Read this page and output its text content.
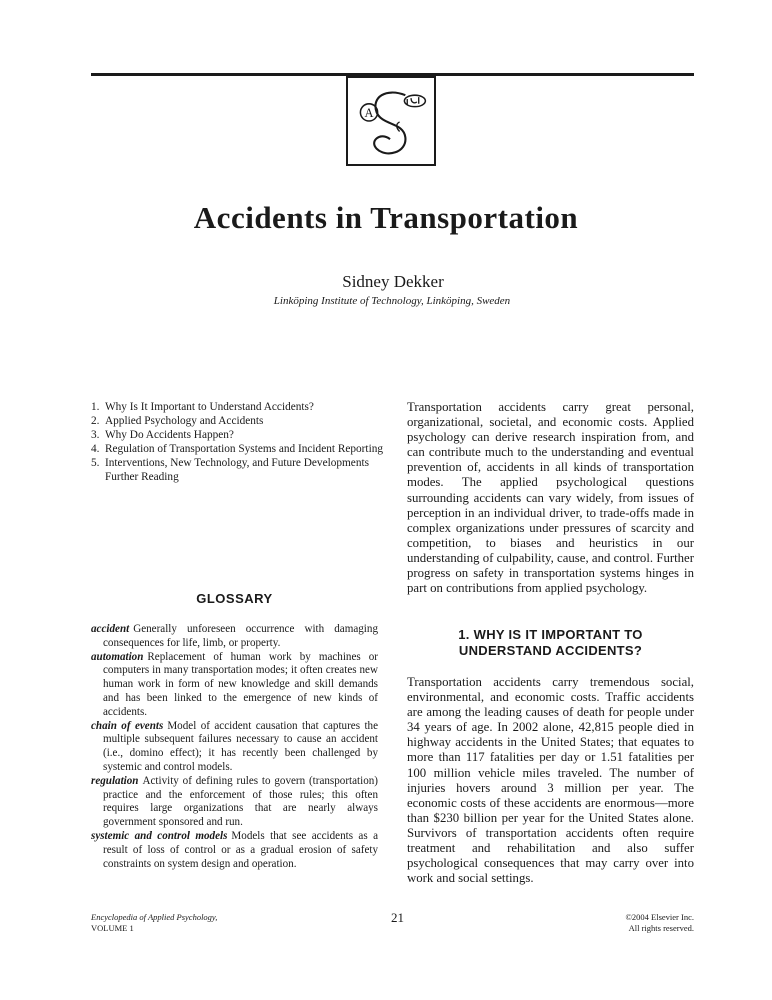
A
Accidents in Transportation

Sidney Dekker

Linköping Institute of Technology, Linköping, Sweden

1. Why Is It Important to Understand Accidents?
2. Applied Psychology and Accidents
3. Why Do Accidents Happen?
4. Regulation of Transportation Systems and Incident Reporting
5. Interventions, New Technology, and Future Developments
Further Reading
GLOSSARY

accident Generally unforeseen occurrence with damaging consequences for life, limb, or property.

automation Replacement of human work by machines or computers in many transportation modes; it often creates new human work in form of new knowledge and skill demands and has been linked to the emergence of new kinds of accidents.

chain of events Model of accident causation that captures the multiple subsequent failures necessary to cause an accident (i.e., domino effect); it has recently been challenged by systemic and control models.

regulation Activity of defining rules to govern (transportation) practice and the enforcement of those rules; this often requires large organizations that are nearly always government sponsored and run.

systemic and control models Models that see accidents as a result of loss of control or as a gradual erosion of safety constraints on system design and operation.

Transportation accidents carry great personal, organizational, societal, and economic costs. Applied psychology can derive research inspiration from, and can contribute much to the understanding and eventual prevention of, accidents in all kinds of transportation modes. The applied psychological questions surrounding accidents can vary widely, from issues of perception in an individual driver, to trade-offs made in complex organizations under pressures of scarcity and competition, to biases and heuristics in our understanding of culpability, cause, and control. Further progress on safety in transportation systems hinges in part on contributions from applied psychology.

1. WHY IS IT IMPORTANT TO
UNDERSTAND ACCIDENTS?

Transportation accidents carry tremendous social, environmental, and economic costs. Traffic accidents are among the leading causes of death for people under 34 years of age. In 2002 alone, 42,815 people died in highway accidents in the United States; that equates to more than 117 fatalities per day or 1.51 fatalities per 100 million vehicle miles traveled. The number of injuries hovers around 3 million per year. The economic costs of these accidents are enormous—more than $230 billion per year for the United States alone. Survivors of transportation accidents often require treatment and rehabilitation and also suffer psychological consequences that may carry over into work and social settings.

Encyclopedia of Applied Psychology,
VOLUME 1
21	©2004 Elsevier Inc.
All rights reserved.
